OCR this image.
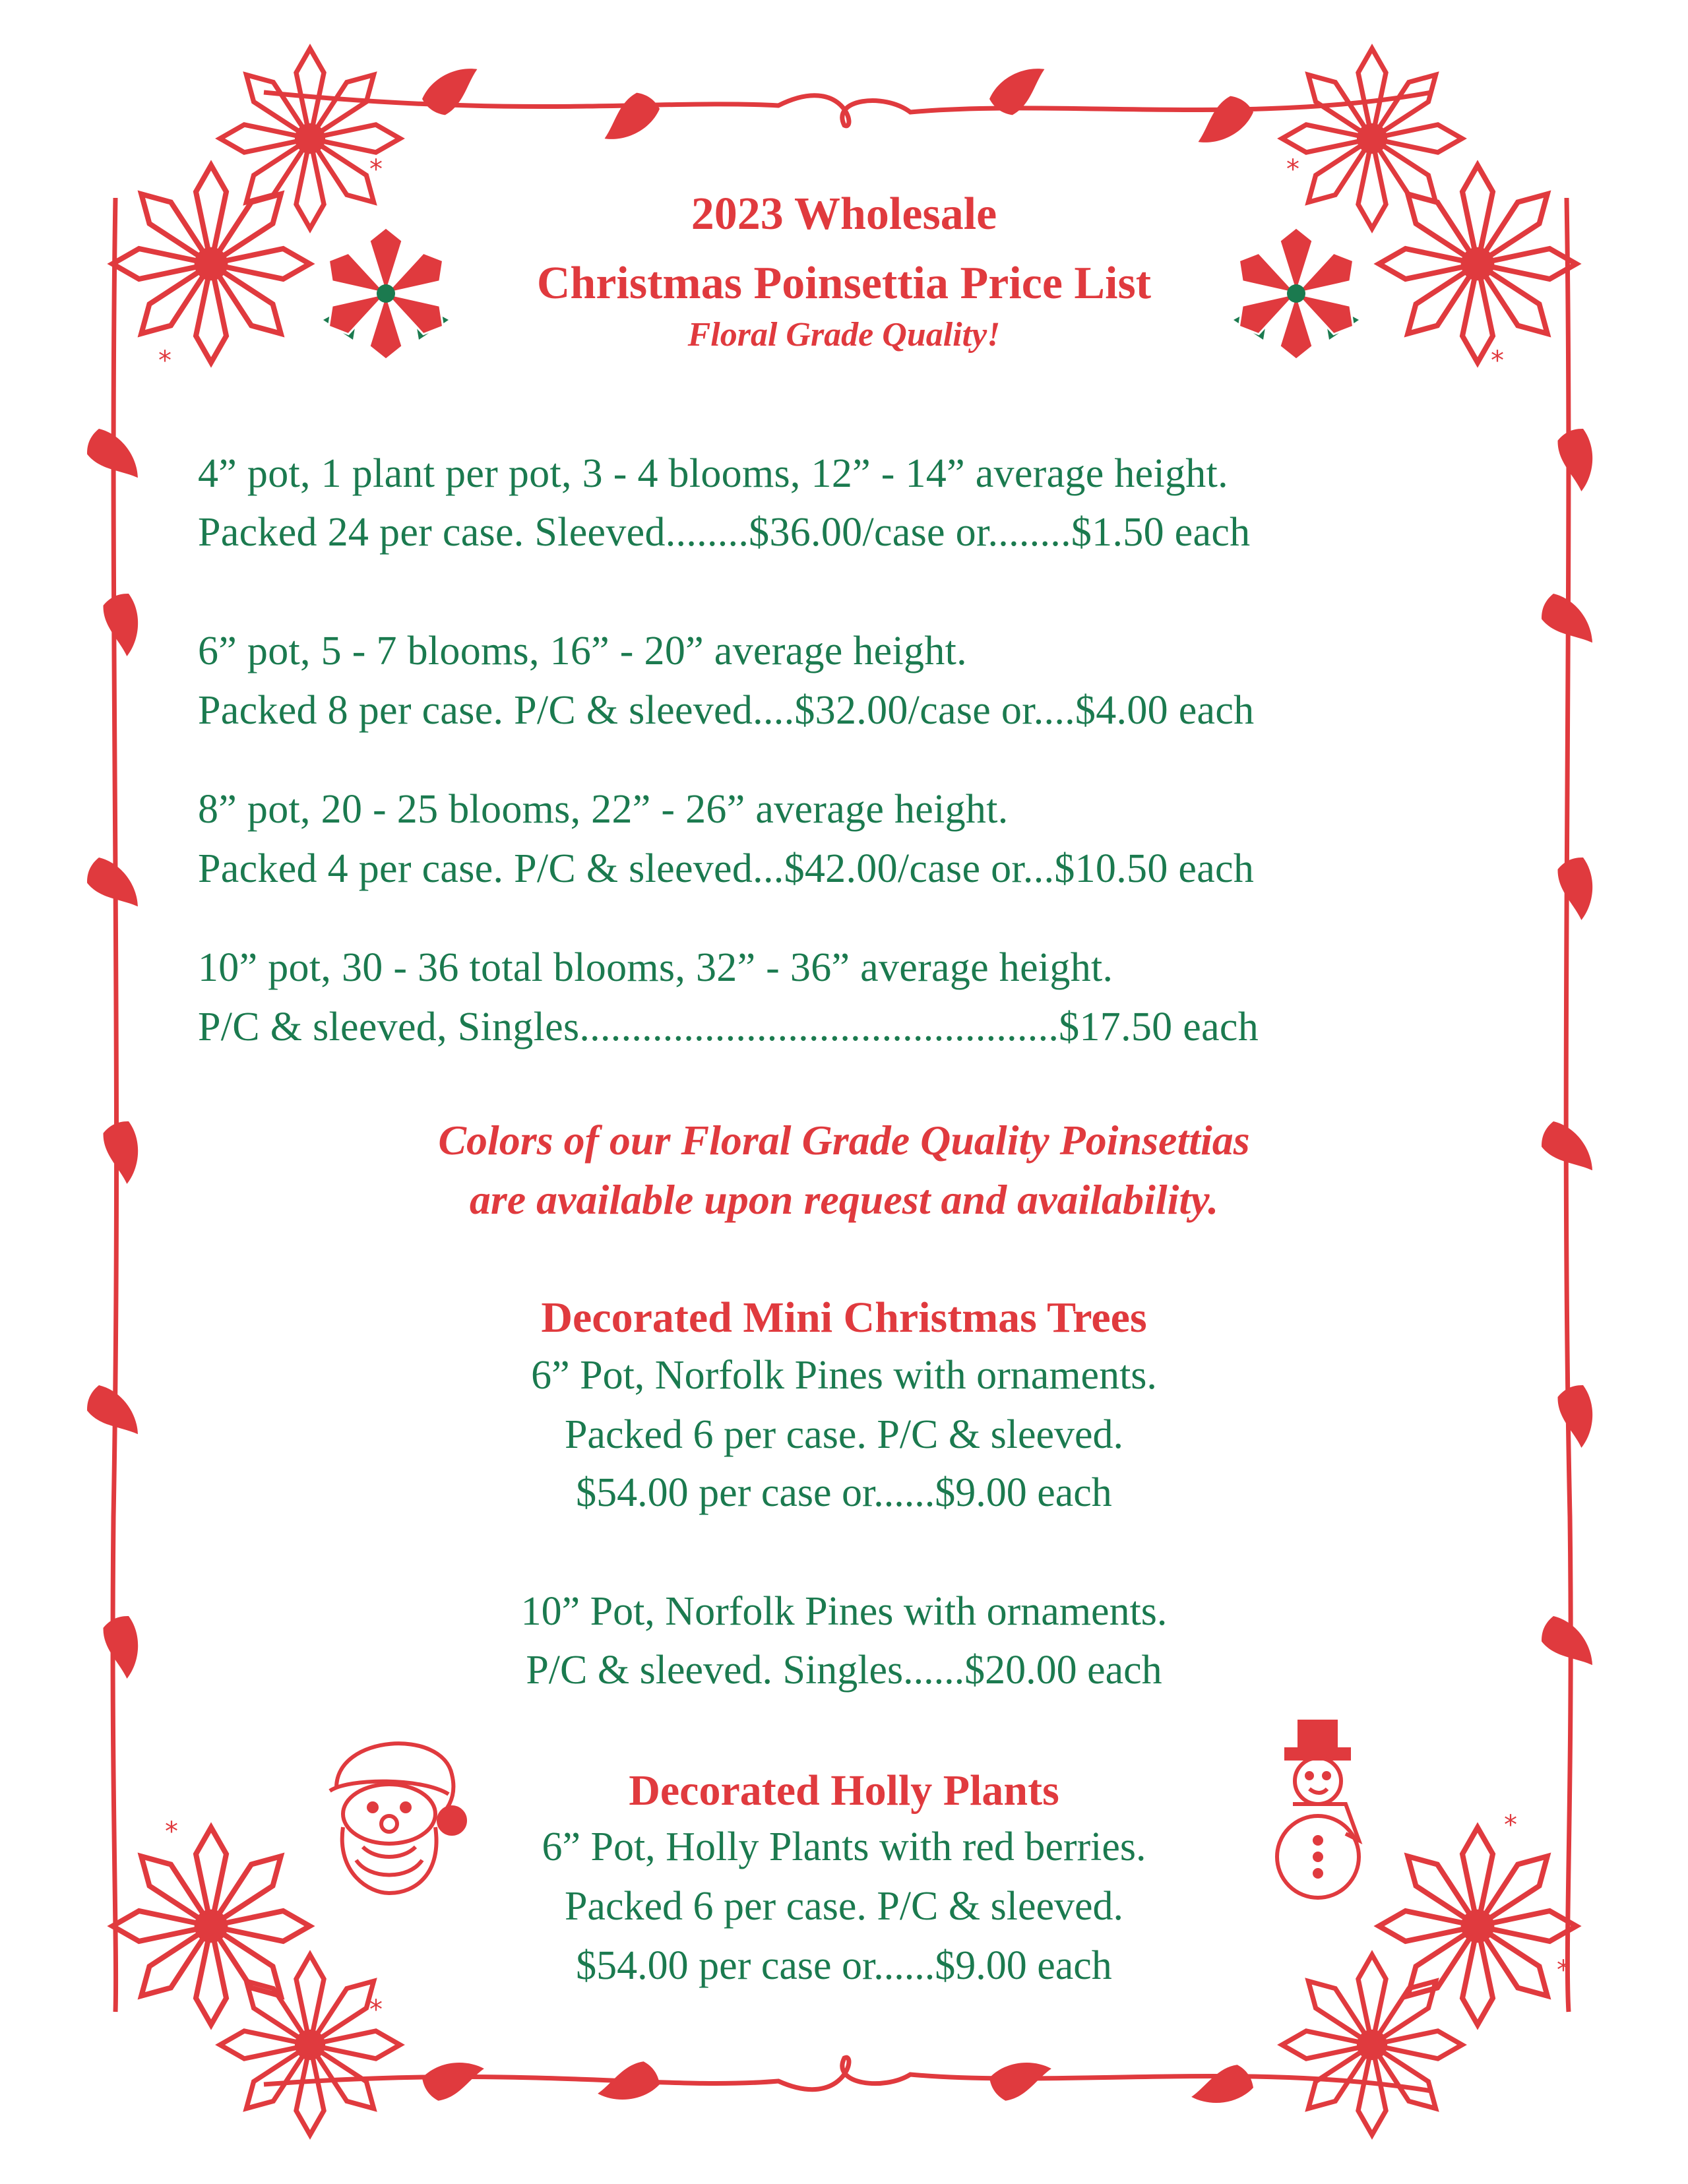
*
*
*
*
*
*
*
*
2023 Wholesale
Christmas Poinsettia Price List
Floral Grade Quality!
4” pot, 1 plant per pot, 3 - 4 blooms, 12” - 14” average height.
Packed 24 per case. Sleeved........$36.00/case or........$1.50 each
6” pot, 5 - 7 blooms, 16” - 20” average height.
Packed 8 per case. P/C & sleeved....$32.00/case or....$4.00 each
8” pot, 20 - 25 blooms, 22” - 26” average height.
Packed 4 per case. P/C & sleeved...$42.00/case or...$10.50 each
10” pot, 30 - 36 total blooms, 32” - 36” average height.
P/C & sleeved, Singles..............................................$17.50 each
Colors of our Floral Grade Quality Poinsettias
are available upon request and availability.
Decorated Mini Christmas Trees
6” Pot, Norfolk Pines with ornaments.
Packed 6 per case. P/C & sleeved.
$54.00 per case or......$9.00 each
10” Pot, Norfolk Pines with ornaments.
P/C & sleeved. Singles......$20.00 each
Decorated Holly Plants
6” Pot, Holly Plants with red berries.
Packed 6 per case. P/C & sleeved.
$54.00 per case or......$9.00 each
